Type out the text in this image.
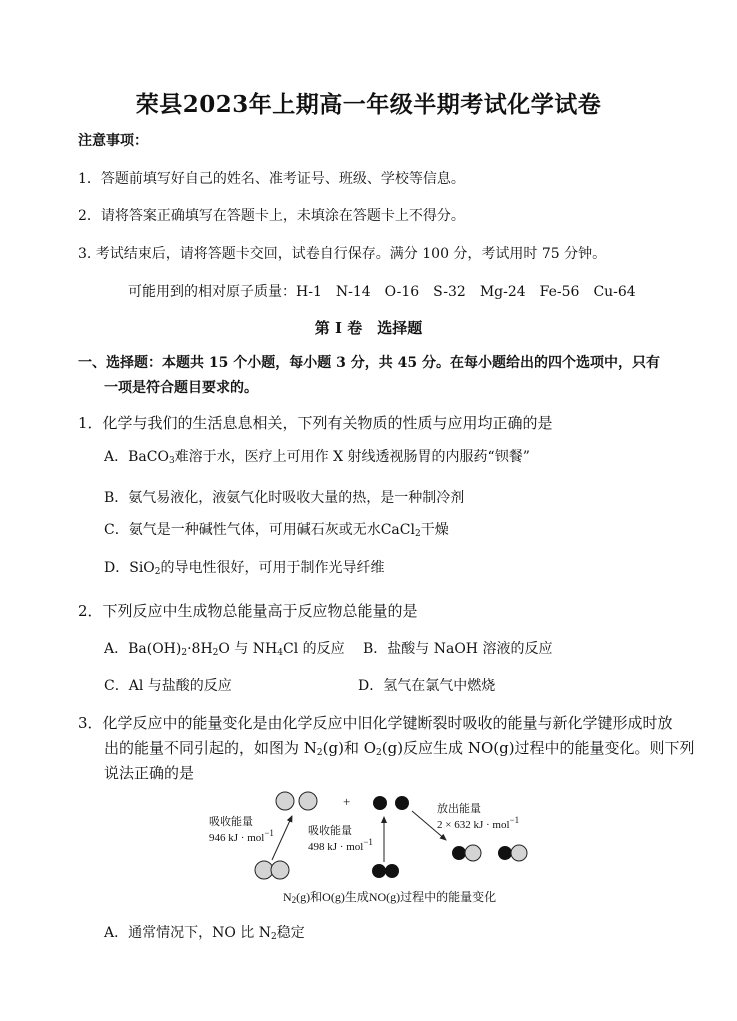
荣县2023年上期高一年级半期考试化学试卷
注意事项：
1．答题前填写好自己的姓名、准考证号、班级、学校等信息。
2．请将答案正确填写在答题卡上，未填涂在答题卡上不得分。
3. 考试结束后，请将答题卡交回，试卷自行保存。满分 100 分，考试用时 75 分钟。
可能用到的相对原子质量：H-1　N-14　O-16　S-32　Mg-24　Fe-56　Cu-64
第 I 卷　选择题
一、选择题：本题共 15 个小题，每小题 3 分，共 45 分。在每小题给出的四个选项中，只有
一项是符合题目要求的。
1．化学与我们的生活息息相关，下列有关物质的性质与应用均正确的是
A．BaCO$_3$难溶于水，医疗上可用作 X 射线透视肠胃的内服药“钡餐”
B．氨气易液化，液氨气化时吸收大量的热，是一种制冷剂
C．氨气是一种碱性气体，可用碱石灰或无水CaCl$_2$干燥
D．SiO$_2$的导电性很好，可用于制作光导纤维
2．下列反应中生成物总能量高于反应物总能量的是
A．$Ba(OH)_2\cdot 8H_2O$ 与 $NH_4Cl$ 的反应 B．盐酸与 NaOH 溶液的反应
C．Al 与盐酸的反应	D．氢气在氯气中燃烧
3．化学反应中的能量变化是由化学反应中旧化学键断裂时吸收的能量与新化学键形成时放
出的能量不同引起的，如图为 $N_2(g)$和 $O_2(g)$反应生成 NO(g)过程中的能量变化。则下列
说法正确的是
+
吸收能量
946 kJ · mol$^{-1}$	吸收能量
498 kJ · mol$^{-1}$
放出能量
2 × 632 kJ · mol$^{-1}$
$N_2(g)$和O(g)生成NO(g)过程中的能量变化
A．通常情况下，NO 比 $N_2$稳定
